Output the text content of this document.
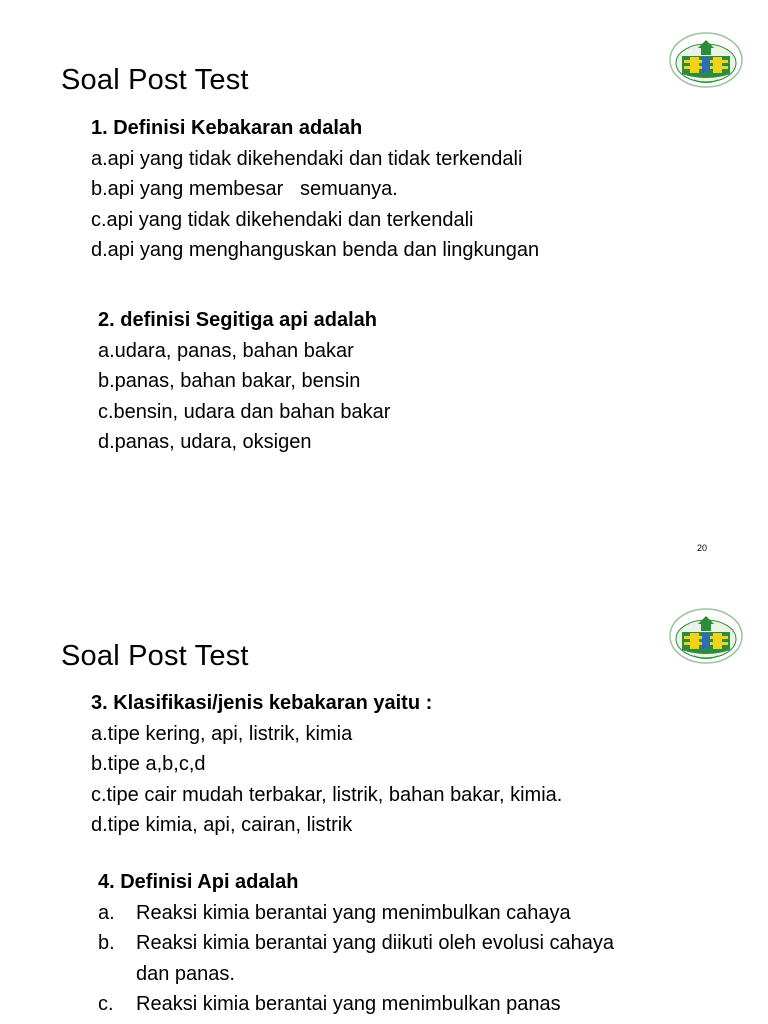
Soal Post Test
1. Definisi Kebakaran adalah
a.api yang tidak dikehendaki dan tidak terkendali
b.api yang membesar   semuanya.
c.api yang tidak dikehendaki dan terkendali
d.api yang menghanguskan benda dan lingkungan
2. definisi Segitiga api adalah
a.udara, panas, bahan bakar
b.panas, bahan bakar, bensin
c.bensin, udara dan bahan bakar
d.panas, udara, oksigen
20
Soal Post Test
3. Klasifikasi/jenis kebakaran yaitu :
a.tipe kering, api, listrik, kimia
b.tipe a,b,c,d
c.tipe cair mudah terbakar, listrik, bahan bakar, kimia.
d.tipe kimia, api, cairan, listrik
4. Definisi Api adalah
a.	Reaksi kimia berantai yang menimbulkan cahaya
b.	Reaksi kimia berantai yang diikuti oleh evolusi cahaya dan panas.
c.	Reaksi kimia berantai yang menimbulkan panas
